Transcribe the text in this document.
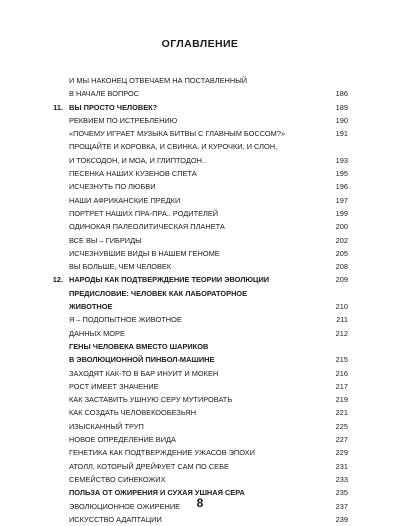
ОГЛАВЛЕНИЕ
И МЫ НАКОНЕЦ ОТВЕЧАЕМ НА ПОСТАВЛЕННЫЙ
В НАЧАЛЕ ВОПРОС	186
11. ВЫ ПРОСТО ЧЕЛОВЕК?	189
РЕКВИЕМ ПО ИСТРЕБЛЕНИЮ	190
«ПОЧЕМУ ИГРАЕТ МУЗЫКА БИТВЫ С ГЛАВНЫМ БОССОМ?»	191
ПРОЩАЙТЕ И КОРОВКА, И СВИНКА, И КУРОЧКИ, И СЛОН,
И ТОКСОДОН, И МОА, И ГЛИПТОДОН..	193
ПЕСЕНКА НАШИХ КУЗЕНОВ СПЕТА	195
ИСЧЕЗНУТЬ ПО ЛЮБВИ	196
НАШИ АФРИКАНСКИЕ ПРЕДКИ	197
ПОРТРЕТ НАШИХ ПРА-ПРА.. РОДИТЕЛЕЙ	199
ОДИНОКАЯ ПАЛЕОЛИТИЧЕСКАЯ ПЛАНЕТА	200
ВСЕ ВЫ – ГИБРИДЫ	202
ИСЧЕЗНУВШИЕ ВИДЫ В НАШЕМ ГЕНОМЕ	205
ВЫ БОЛЬШЕ, ЧЕМ ЧЕЛОВЕК	208
12. НАРОДЫ КАК ПОДТВЕРЖДЕНИЕ ТЕОРИИ ЭВОЛЮЦИИ	209
ПРЕДИСЛОВИЕ: ЧЕЛОВЕК КАК ЛАБОРАТОРНОЕ
ЖИВОТНОЕ	210
Я – ПОДОПЫТНОЕ ЖИВОТНОЕ	211
ДАННЫХ МОРЕ	212
ГЕНЫ ЧЕЛОВЕКА ВМЕСТО ШАРИКОВ
В ЭВОЛЮЦИОННОЙ ПИНБОЛ-МАШИНЕ	215
ЗАХОДЯТ КАК-ТО В БАР ИНУИТ И МОКЕН	216
РОСТ ИМЕЕТ ЗНАЧЕНИЕ	217
КАК ЗАСТАВИТЬ УШНУЮ СЕРУ МУТИРОВАТЬ	219
КАК СОЗДАТЬ ЧЕЛОВЕКООБЕЗЬЯН	221
ИЗЫСКАННЫЙ ТРУП	225
НОВОЕ ОПРЕДЕЛЕНИЕ ВИДА	227
ГЕНЕТИКА КАК ПОДТВЕРЖДЕНИЕ УЖАСОВ ЭПОХИ	229
АТОЛЛ, КОТОРЫЙ ДРЕЙФУЕТ САМ ПО СЕБЕ	231
СЕМЕЙСТВО СИНЕКОЖИХ	233
ПОЛЬЗА ОТ ОЖИРЕНИЯ И СУХАЯ УШНАЯ СЕРА	235
ЭВОЛЮЦИОННОЕ ОЖИРЕНИЕ	237
ИСКУССТВО АДАПТАЦИИ	239
8
